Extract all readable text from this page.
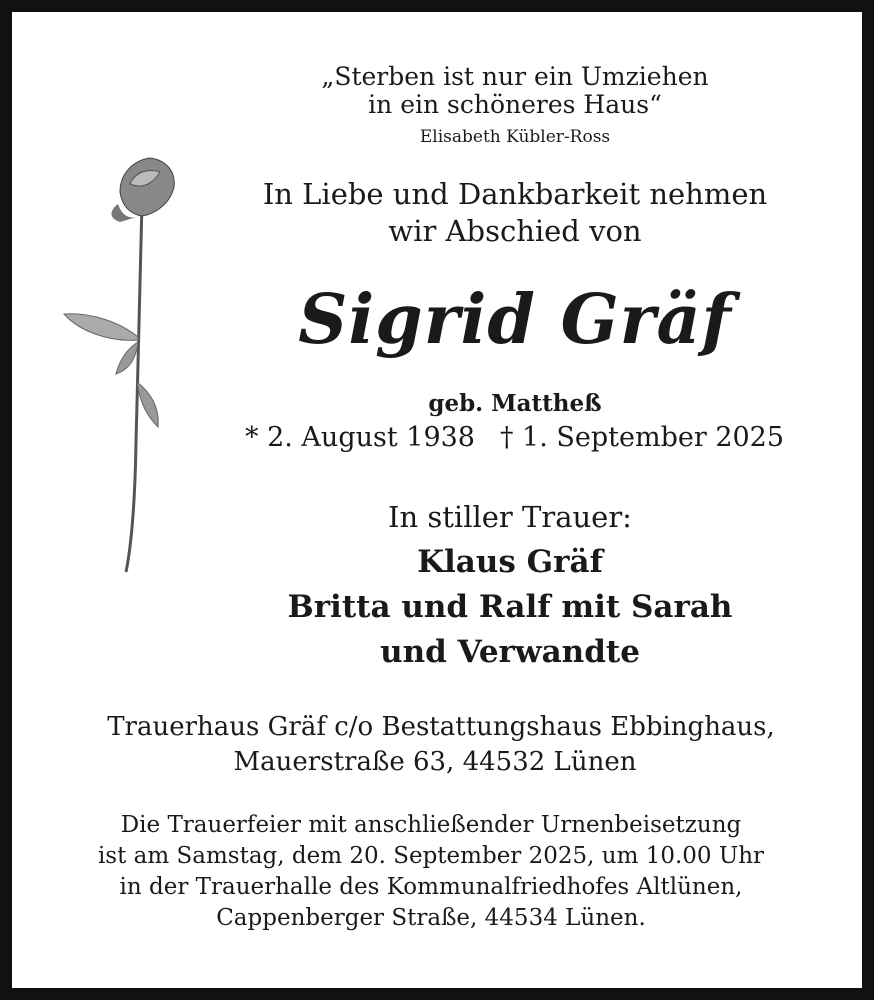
„Sterben ist nur ein Umziehen
in ein schöneres Haus“
Elisabeth Kübler-Ross
In Liebe und Dankbarkeit nehmen
wir Abschied von
Sigrid Gräf
geb. Mattheß
* 2. August 1938 † 1. September 2025
In stiller Trauer:
Klaus Gräf
Britta und Ralf mit Sarah
und Verwandte
Trauerhaus Gräf c/o Bestattungshaus Ebbinghaus,
Mauerstraße 63, 44532 Lünen
Die Trauerfeier mit anschließender Urnenbeisetzung
ist am Samstag, dem 20. September 2025, um 10.00 Uhr
in der Trauerhalle des Kommunalfriedhofes Altlünen,
Cappenberger Straße, 44534 Lünen.
